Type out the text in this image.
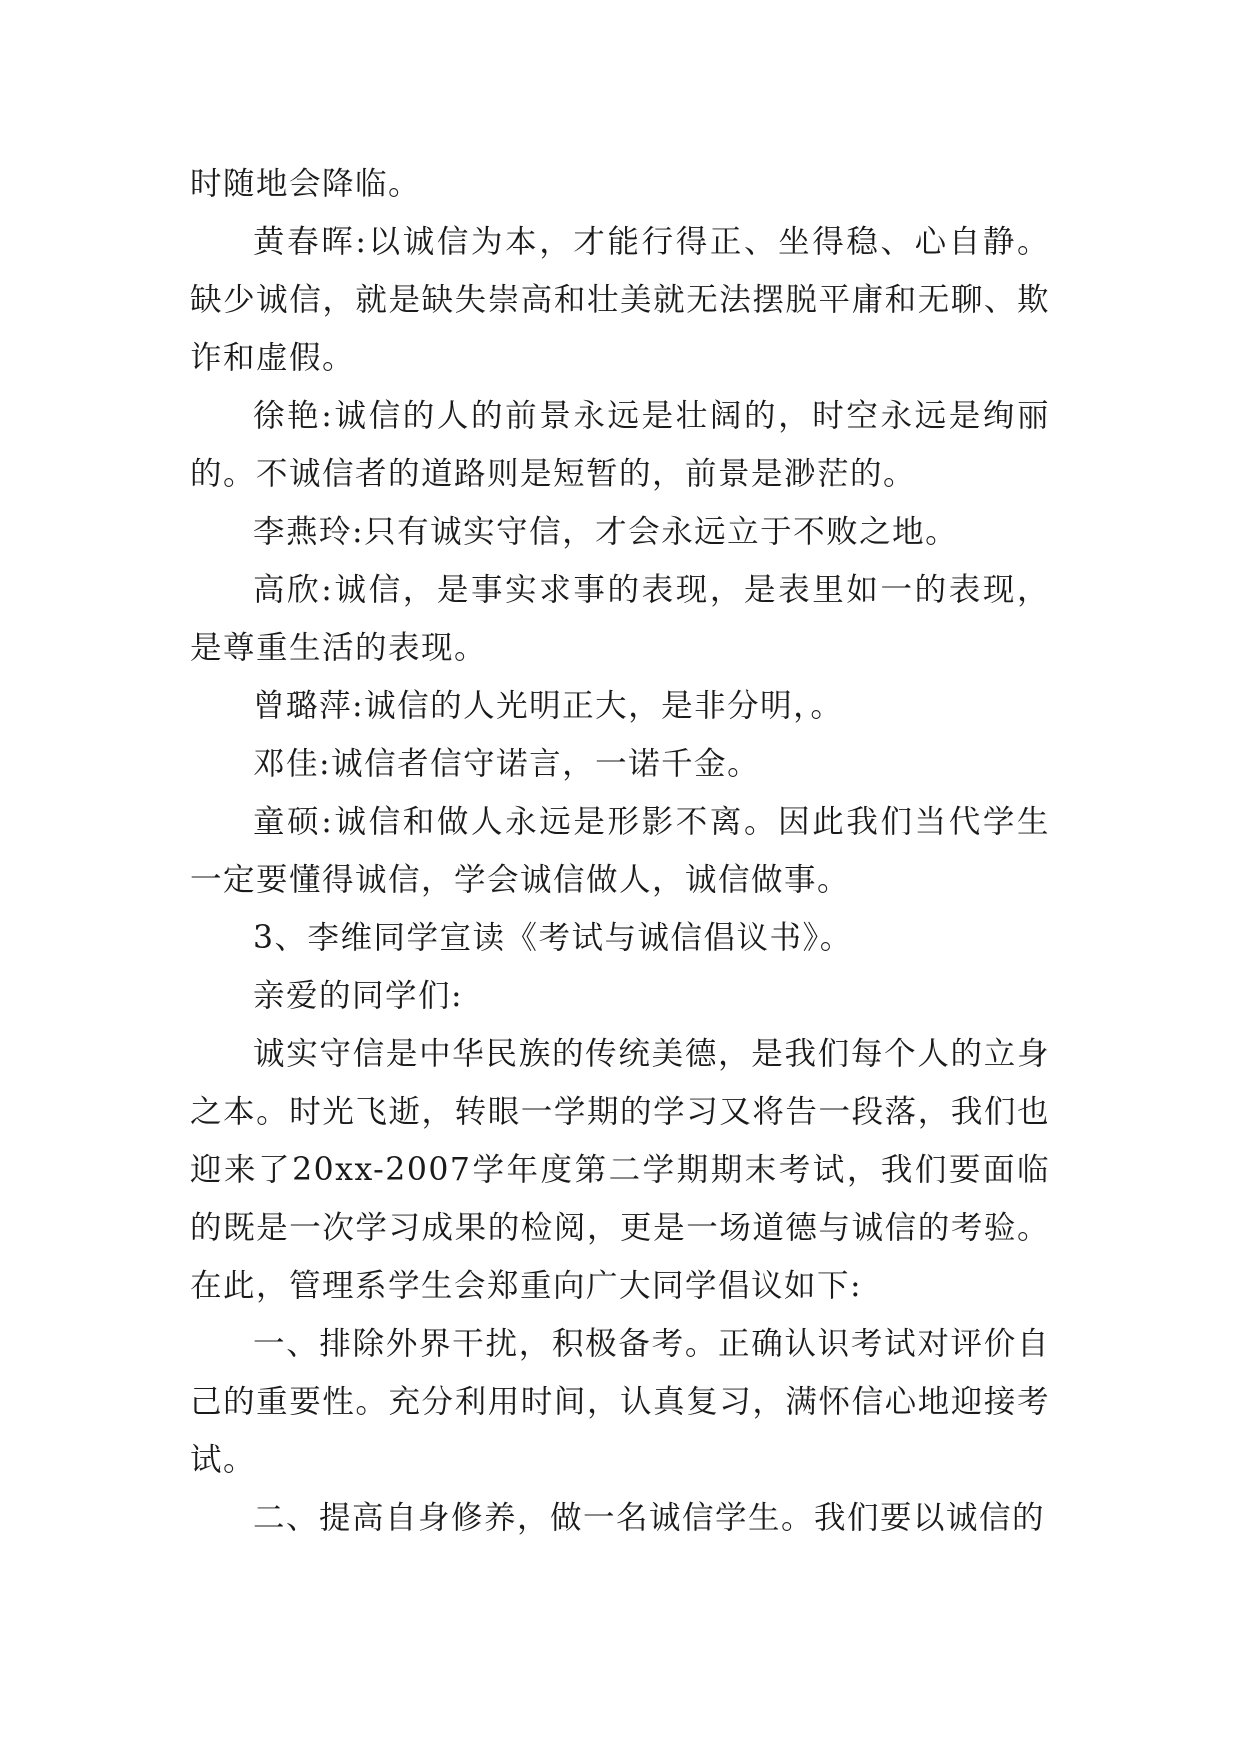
时随地会降临。

黄春晖:以诚信为本，才能行得正、坐得稳、心自静。缺少诚信，就是缺失崇高和壮美就无法摆脱平庸和无聊、欺诈和虚假。

徐艳:诚信的人的前景永远是壮阔的，时空永远是绚丽的。不诚信者的道路则是短暂的，前景是渺茫的。

李燕玲:只有诚实守信，才会永远立于不败之地。

高欣:诚信，是事实求事的表现，是表里如一的表现，是尊重生活的表现。

曾璐萍:诚信的人光明正大，是非分明，。

邓佳:诚信者信守诺言，一诺千金。

童硕:诚信和做人永远是形影不离。因此我们当代学生一定要懂得诚信，学会诚信做人，诚信做事。

3、李维同学宣读《考试与诚信倡议书》。

亲爱的同学们:

诚实守信是中华民族的传统美德，是我们每个人的立身之本。时光飞逝，转眼一学期的学习又将告一段落，我们也迎来了20xx-2007学年度第二学期期末考试，我们要面临的既是一次学习成果的检阅，更是一场道德与诚信的考验。在此，管理系学生会郑重向广大同学倡议如下:

一、排除外界干扰，积极备考。正确认识考试对评价自己的重要性。充分利用时间，认真复习，满怀信心地迎接考试。

二、提高自身修养，做一名诚信学生。我们要以诚信的
